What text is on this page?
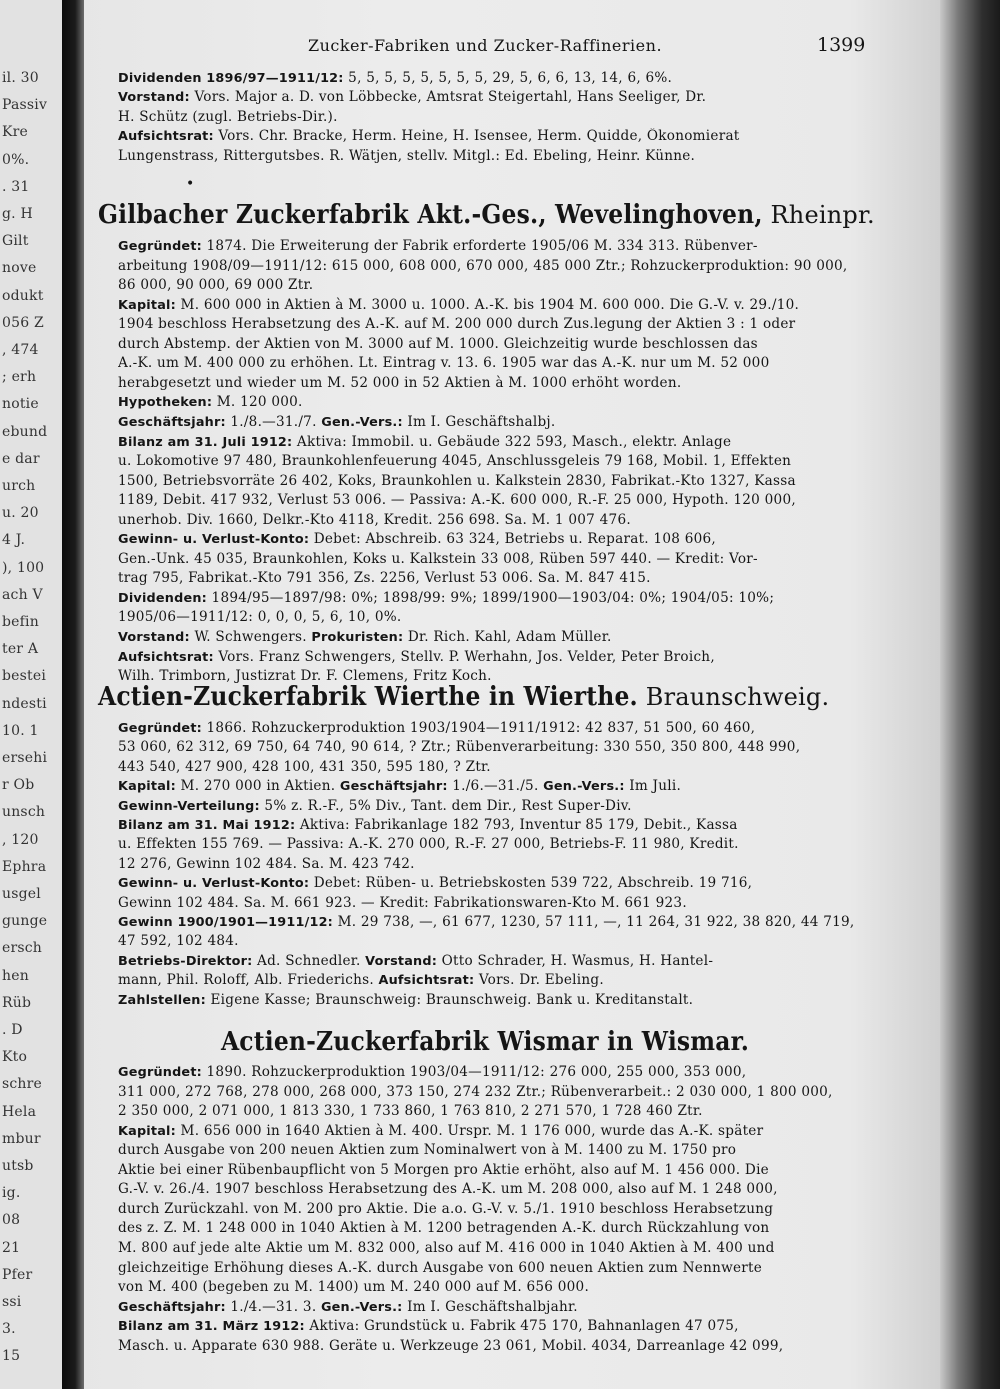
il. 30
Passiv
Kre
0%.
. 31
g. H
Gilt
nove
odukt
056 Z
, 474
; erh
notie
ebund
e dar
urch
u. 20
4 J.
), 100
ach V
befin
ter A
bestei
ndesti
10. 1
ersehi
r Ob
unsch
, 120
Ephra
usgel
gunge
ersch
hen
Rüb
. D
Kto
schre
Hela
mbur
utsb
ig.
08
21
Pfer
ssi
3.
15
Zucker-Fabriken und Zucker-Raffinerien.	1399
Dividenden 1896/97—1911/12: 5, 5, 5, 5, 5, 5, 5, 5, 29, 5, 6, 6, 13, 14, 6, 6%.
Vorstand: Vors. Major a. D. von Löbbecke, Amtsrat Steigertahl, Hans Seeliger, Dr.
H. Schütz (zugl. Betriebs-Dir.).
Aufsichtsrat: Vors. Chr. Bracke, Herm. Heine, H. Isensee, Herm. Quidde, Ökonomierat
Lungenstrass, Rittergutsbes. R. Wätjen, stellv. Mitgl.: Ed. Ebeling, Heinr. Künne.
•
Gilbacher Zuckerfabrik Akt.-Ges., Wevelinghoven, Rheinpr.
Gegründet: 1874. Die Erweiterung der Fabrik erforderte 1905/06 M. 334 313. Rübenver-
arbeitung 1908/09—1911/12: 615 000, 608 000, 670 000, 485 000 Ztr.; Rohzuckerproduktion: 90 000,
86 000, 90 000, 69 000 Ztr.
Kapital: M. 600 000 in Aktien à M. 3000 u. 1000. A.-K. bis 1904 M. 600 000. Die G.-V. v. 29./10.
1904 beschloss Herabsetzung des A.-K. auf M. 200 000 durch Zus.legung der Aktien 3 : 1 oder
durch Abstemp. der Aktien von M. 3000 auf M. 1000. Gleichzeitig wurde beschlossen das
A.-K. um M. 400 000 zu erhöhen. Lt. Eintrag v. 13. 6. 1905 war das A.-K. nur um M. 52 000
herabgesetzt und wieder um M. 52 000 in 52 Aktien à M. 1000 erhöht worden.
Hypotheken: M. 120 000.
Geschäftsjahr: 1./8.—31./7. Gen.-Vers.: Im I. Geschäftshalbj.
Bilanz am 31. Juli 1912: Aktiva: Immobil. u. Gebäude 322 593, Masch., elektr. Anlage
u. Lokomotive 97 480, Braunkohlenfeuerung 4045, Anschlussgeleis 79 168, Mobil. 1, Effekten
1500, Betriebsvorräte 26 402, Koks, Braunkohlen u. Kalkstein 2830, Fabrikat.-Kto 1327, Kassa
1189, Debit. 417 932, Verlust 53 006. — Passiva: A.-K. 600 000, R.-F. 25 000, Hypoth. 120 000,
unerhob. Div. 1660, Delkr.-Kto 4118, Kredit. 256 698. Sa. M. 1 007 476.
Gewinn- u. Verlust-Konto: Debet: Abschreib. 63 324, Betriebs u. Reparat. 108 606,
Gen.-Unk. 45 035, Braunkohlen, Koks u. Kalkstein 33 008, Rüben 597 440. — Kredit: Vor-
trag 795, Fabrikat.-Kto 791 356, Zs. 2256, Verlust 53 006. Sa. M. 847 415.
Dividenden: 1894/95—1897/98: 0%; 1898/99: 9%; 1899/1900—1903/04: 0%; 1904/05: 10%;
1905/06—1911/12: 0, 0, 0, 5, 6, 10, 0%.
Vorstand: W. Schwengers. Prokuristen: Dr. Rich. Kahl, Adam Müller.
Aufsichtsrat: Vors. Franz Schwengers, Stellv. P. Werhahn, Jos. Velder, Peter Broich,
Wilh. Trimborn, Justizrat Dr. F. Clemens, Fritz Koch.
Actien-Zuckerfabrik Wierthe in Wierthe. Braunschweig.
Gegründet: 1866. Rohzuckerproduktion 1903/1904—1911/1912: 42 837, 51 500, 60 460,
53 060, 62 312, 69 750, 64 740, 90 614, ? Ztr.; Rübenverarbeitung: 330 550, 350 800, 448 990,
443 540, 427 900, 428 100, 431 350, 595 180, ? Ztr.
Kapital: M. 270 000 in Aktien. Geschäftsjahr: 1./6.—31./5. Gen.-Vers.: Im Juli.
Gewinn-Verteilung: 5% z. R.-F., 5% Div., Tant. dem Dir., Rest Super-Div.
Bilanz am 31. Mai 1912: Aktiva: Fabrikanlage 182 793, Inventur 85 179, Debit., Kassa
u. Effekten 155 769. — Passiva: A.-K. 270 000, R.-F. 27 000, Betriebs-F. 11 980, Kredit.
12 276, Gewinn 102 484. Sa. M. 423 742.
Gewinn- u. Verlust-Konto: Debet: Rüben- u. Betriebskosten 539 722, Abschreib. 19 716,
Gewinn 102 484. Sa. M. 661 923. — Kredit: Fabrikationswaren-Kto M. 661 923.
Gewinn 1900/1901—1911/12: M. 29 738, —, 61 677, 1230, 57 111, —, 11 264, 31 922, 38 820, 44 719,
47 592, 102 484.
Betriebs-Direktor: Ad. Schnedler. Vorstand: Otto Schrader, H. Wasmus, H. Hantel-
mann, Phil. Roloff, Alb. Friederichs. Aufsichtsrat: Vors. Dr. Ebeling.
Zahlstellen: Eigene Kasse; Braunschweig: Braunschweig. Bank u. Kreditanstalt.
Actien-Zuckerfabrik Wismar in Wismar.
Gegründet: 1890. Rohzuckerproduktion 1903/04—1911/12: 276 000, 255 000, 353 000,
311 000, 272 768, 278 000, 268 000, 373 150, 274 232 Ztr.; Rübenverarbeit.: 2 030 000, 1 800 000,
2 350 000, 2 071 000, 1 813 330, 1 733 860, 1 763 810, 2 271 570, 1 728 460 Ztr.
Kapital: M. 656 000 in 1640 Aktien à M. 400. Urspr. M. 1 176 000, wurde das A.-K. später
durch Ausgabe von 200 neuen Aktien zum Nominalwert von à M. 1400 zu M. 1750 pro
Aktie bei einer Rübenbaupflicht von 5 Morgen pro Aktie erhöht, also auf M. 1 456 000. Die
G.-V. v. 26./4. 1907 beschloss Herabsetzung des A.-K. um M. 208 000, also auf M. 1 248 000,
durch Zurückzahl. von M. 200 pro Aktie. Die a.o. G.-V. v. 5./1. 1910 beschloss Herabsetzung
des z. Z. M. 1 248 000 in 1040 Aktien à M. 1200 betragenden A.-K. durch Rückzahlung von
M. 800 auf jede alte Aktie um M. 832 000, also auf M. 416 000 in 1040 Aktien à M. 400 und
gleichzeitige Erhöhung dieses A.-K. durch Ausgabe von 600 neuen Aktien zum Nennwerte
von M. 400 (begeben zu M. 1400) um M. 240 000 auf M. 656 000.
Geschäftsjahr: 1./4.—31. 3. Gen.-Vers.: Im I. Geschäftshalbjahr.
Bilanz am 31. März 1912: Aktiva: Grundstück u. Fabrik 475 170, Bahnanlagen 47 075,
Masch. u. Apparate 630 988. Geräte u. Werkzeuge 23 061, Mobil. 4034, Darreanlage 42 099,
